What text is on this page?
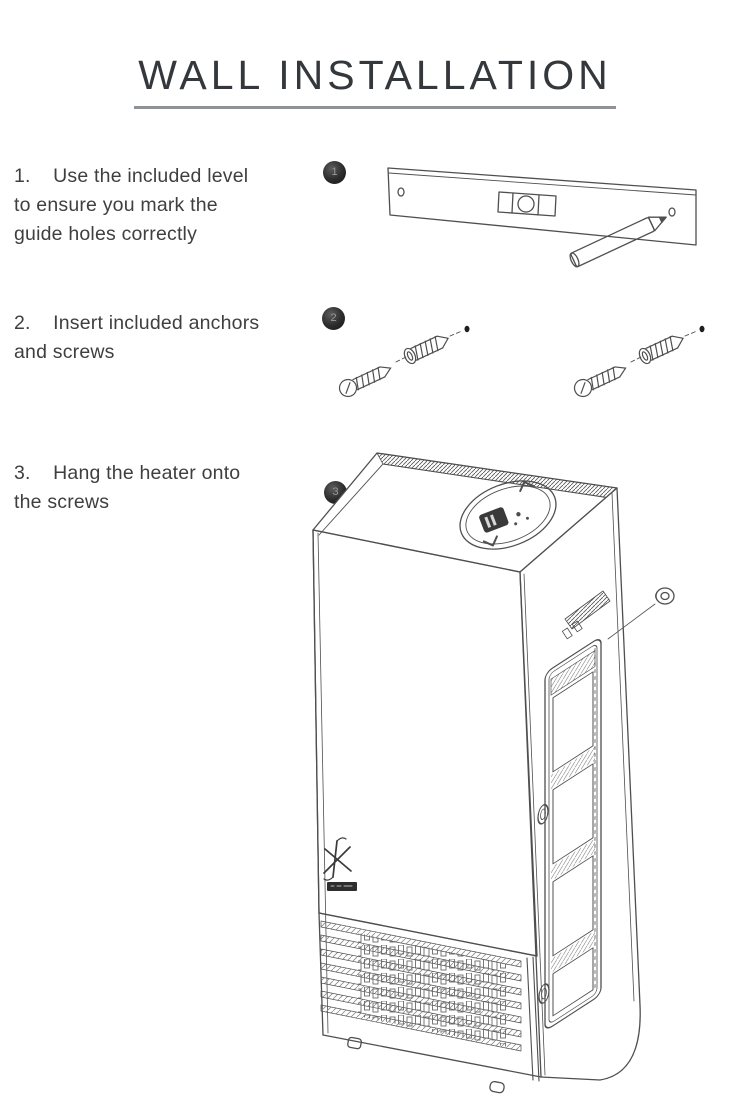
WALL INSTALLATION
1.    Use the included level
to ensure you mark the
guide holes correctly
2.    Insert included anchors
and screws
3.    Hang the heater onto
the screws
1
2
3
